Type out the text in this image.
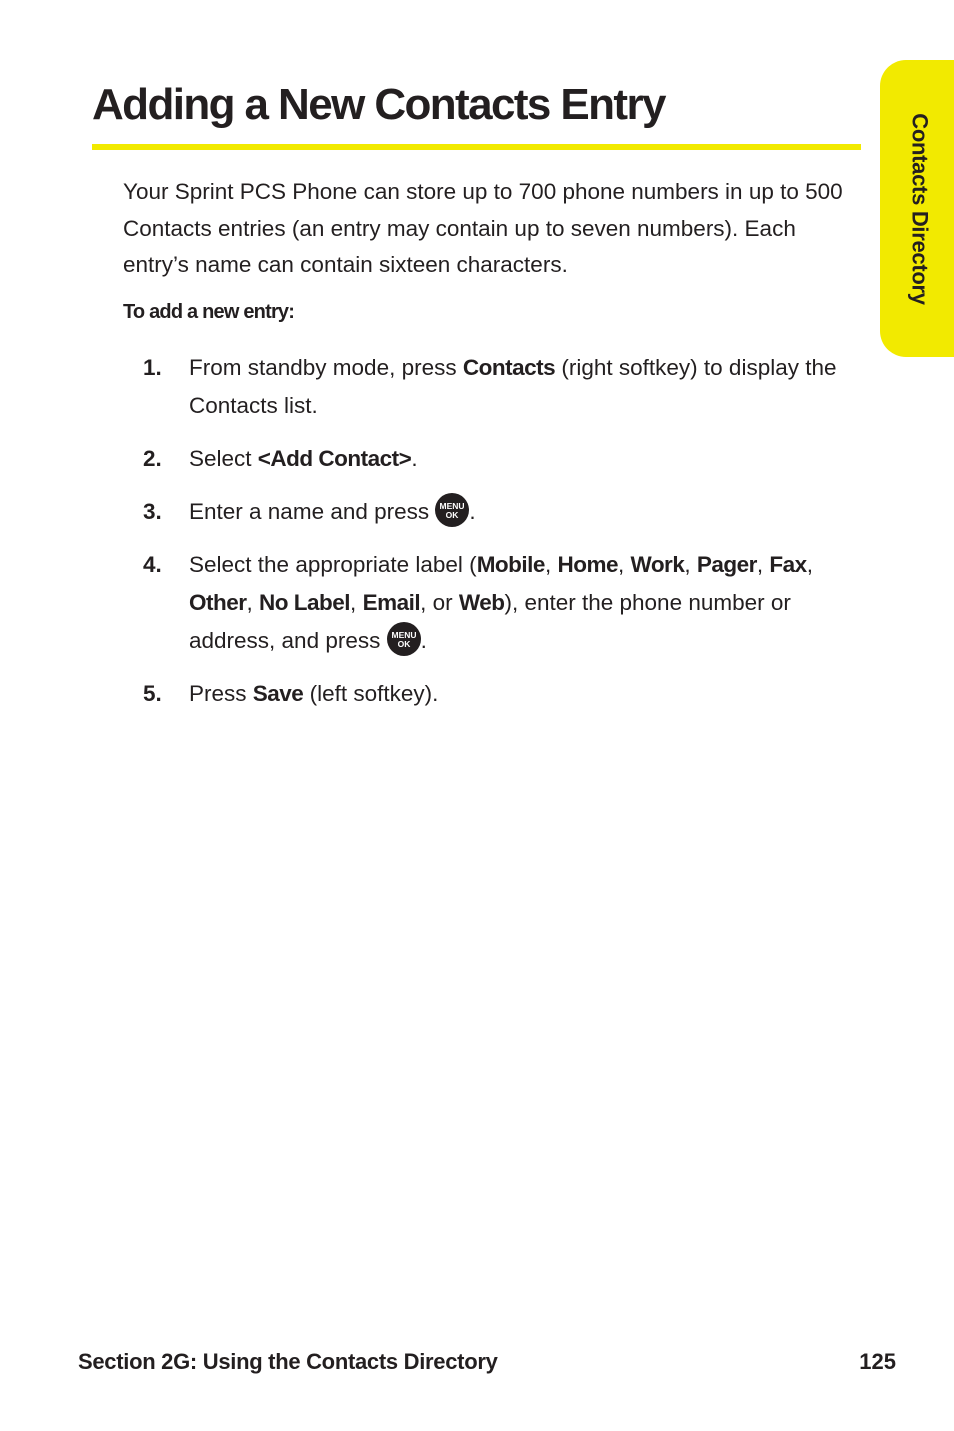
Adding a New Contacts Entry
Contacts Directory

Your Sprint PCS Phone can store up to 700 phone numbers in up to 500 Contacts entries (an entry may contain up to seven numbers). Each entry’s name can contain sixteen characters.

To add a new entry:

1. From standby mode, press Contacts (right softkey) to display the Contacts list.
2. Select <Add Contact>.
3. Enter a name and press MENU
OK .
4. Select the appropriate label (Mobile, Home, Work, Pager, Fax, Other, No Label, Email, or Web), enter the phone number or address, and press MENU
OK .
5. Press Save (left softkey).
Section 2G: Using the Contacts Directory	125
